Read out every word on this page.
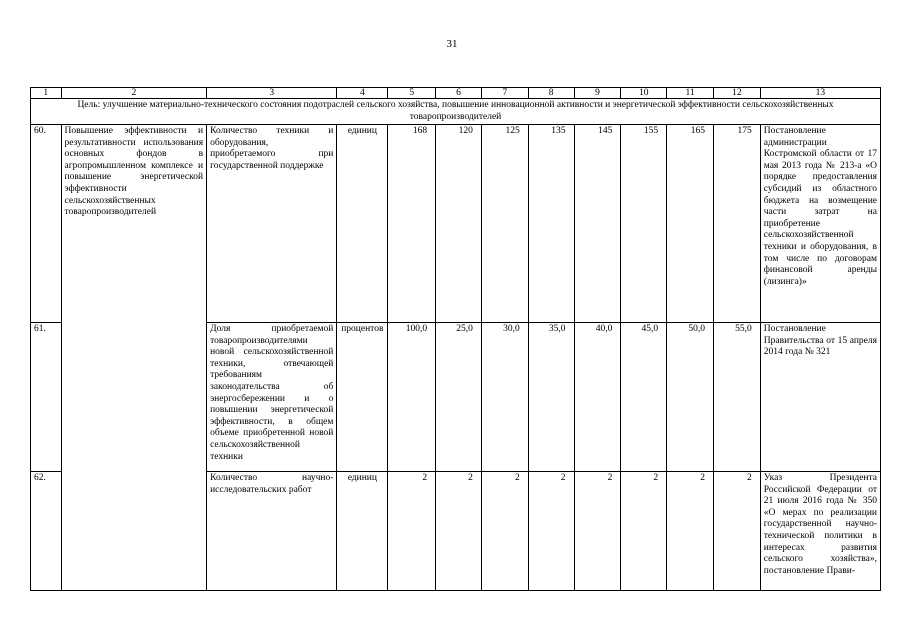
31
1	2	3	4	5	6	7	8	9	10	11	12	13
Цель: улучшение материально-технического состояния подотраслей сельского хозяйства, повышение инновационной активности и энергетической эффективности сельскохозяйственных товаропроизводителей												
60.	Повышение эффективности и результативности использования основных фондов в агропромышленном комплексе и повышение энергетической эффективности сельскохозяйственных товаропроизводителей	Количество техники и оборудования, приобретаемого при государственной поддержке	единиц	168	120	125	135	145	155	165	175	Постановление администрации Костромской области от 17 мая 2013 года № 213-а «О порядке предоставления субсидий из областного бюджета на возмещение части затрат на приобретение сельскохозяйственной техники и оборудования, в том числе по договорам финансовой аренды (лизинга)»
61.		Доля приобретаемой товаропроизводителями новой сельскохозяйственной техники, отвечающей требованиям законодательства об энергосбережении и о повышении энергетической эффективности, в общем объеме приобретенной новой сельскохозяйственной техники	процентов	100,0	25,0	30,0	35,0	40,0	45,0	50,0	55,0	Постановление Правительства от 15 апреля 2014 года № 321
62.		Количество научно-исследовательских работ	единиц	2	2	2	2	2	2	2	2	Указ Президента Российской Федерации от 21 июля 2016 года № 350 «О мерах по реализации государственной научно-технической политики в интересах развития сельского хозяйства», постановление Прави-
